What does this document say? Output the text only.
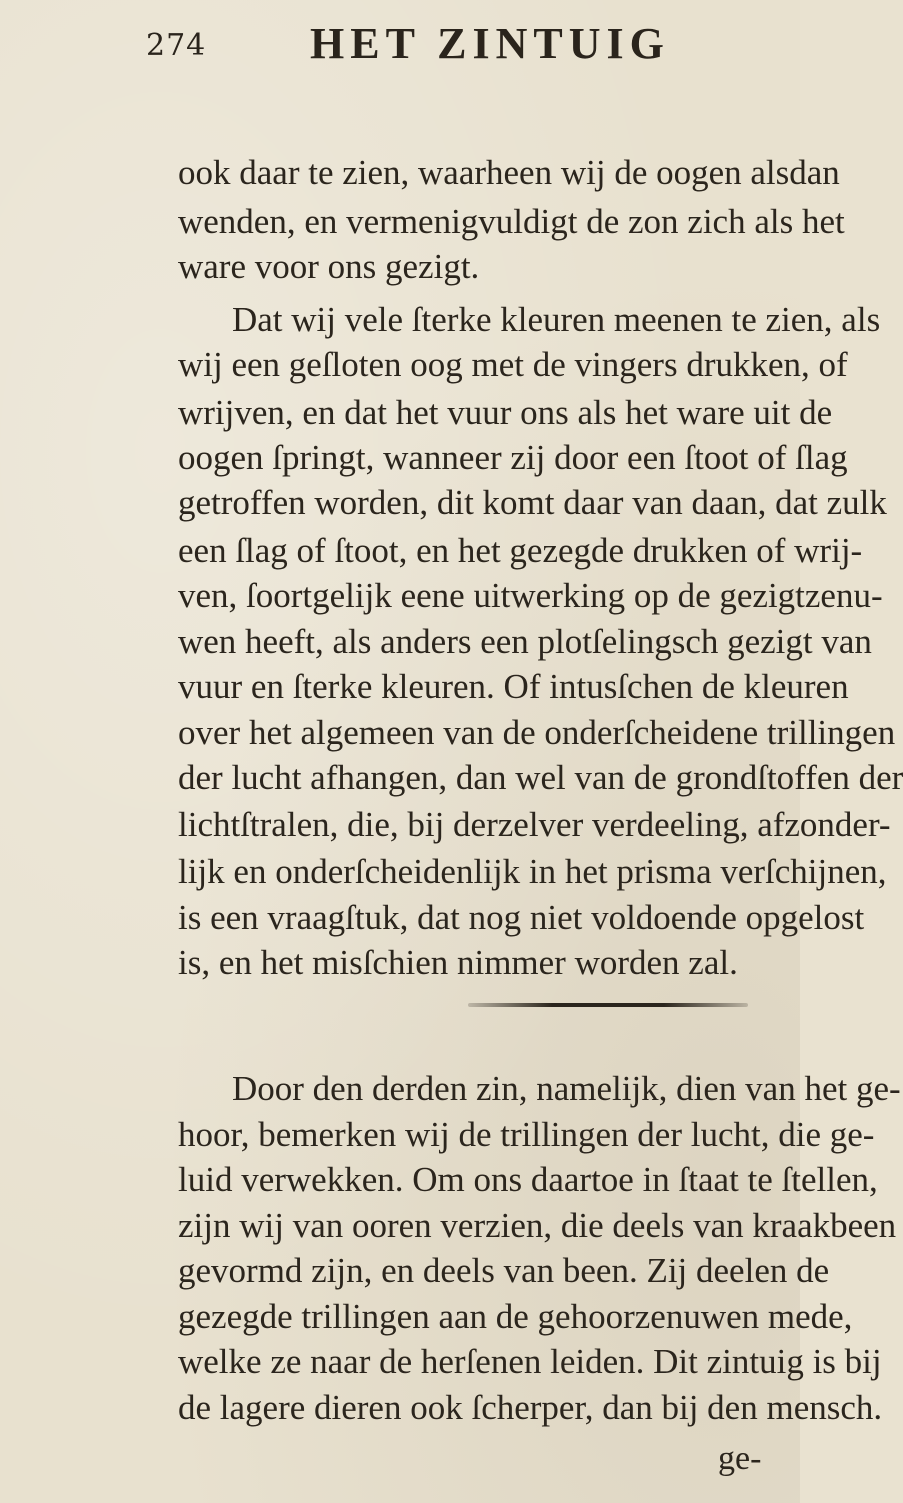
274 HET ZINTUIG
ook daar te zien, waarheen wij de oogen alsdan
wenden, en vermenigvuldigt de zon zich als het
ware voor ons gezigt.
Dat wij vele ſterke kleuren meenen te zien, als
wij een geſloten oog met de vingers drukken, of
wrijven, en dat het vuur ons als het ware uit de
oogen ſpringt, wanneer zij door een ſtoot of ſlag
getroffen worden, dit komt daar van daan, dat zulk
een ſlag of ſtoot, en het gezegde drukken of wrij-
ven, ſoortgelijk eene uitwerking op de gezigtzenu-
wen heeft, als anders een plotſelingsch gezigt van
vuur en ſterke kleuren. Of intusſchen de kleuren
over het algemeen van de onderſcheidene trillingen
der lucht afhangen, dan wel van de grondſtoffen der
lichtſtralen, die, bij derzelver verdeeling, afzonder-
lijk en onderſcheidenlijk in het prisma verſchijnen,
is een vraagſtuk, dat nog niet voldoende opgelost
is, en het misſchien nimmer worden zal.
Door den derden zin, namelijk, dien van het ge-
hoor, bemerken wij de trillingen der lucht, die ge-
luid verwekken. Om ons daartoe in ſtaat te ſtellen,
zijn wij van ooren verzien, die deels van kraakbeen
gevormd zijn, en deels van been. Zij deelen de
gezegde trillingen aan de gehoorzenuwen mede,
welke ze naar de herſenen leiden. Dit zintuig is bij
de lagere dieren ook ſcherper, dan bij den mensch.
ge-
